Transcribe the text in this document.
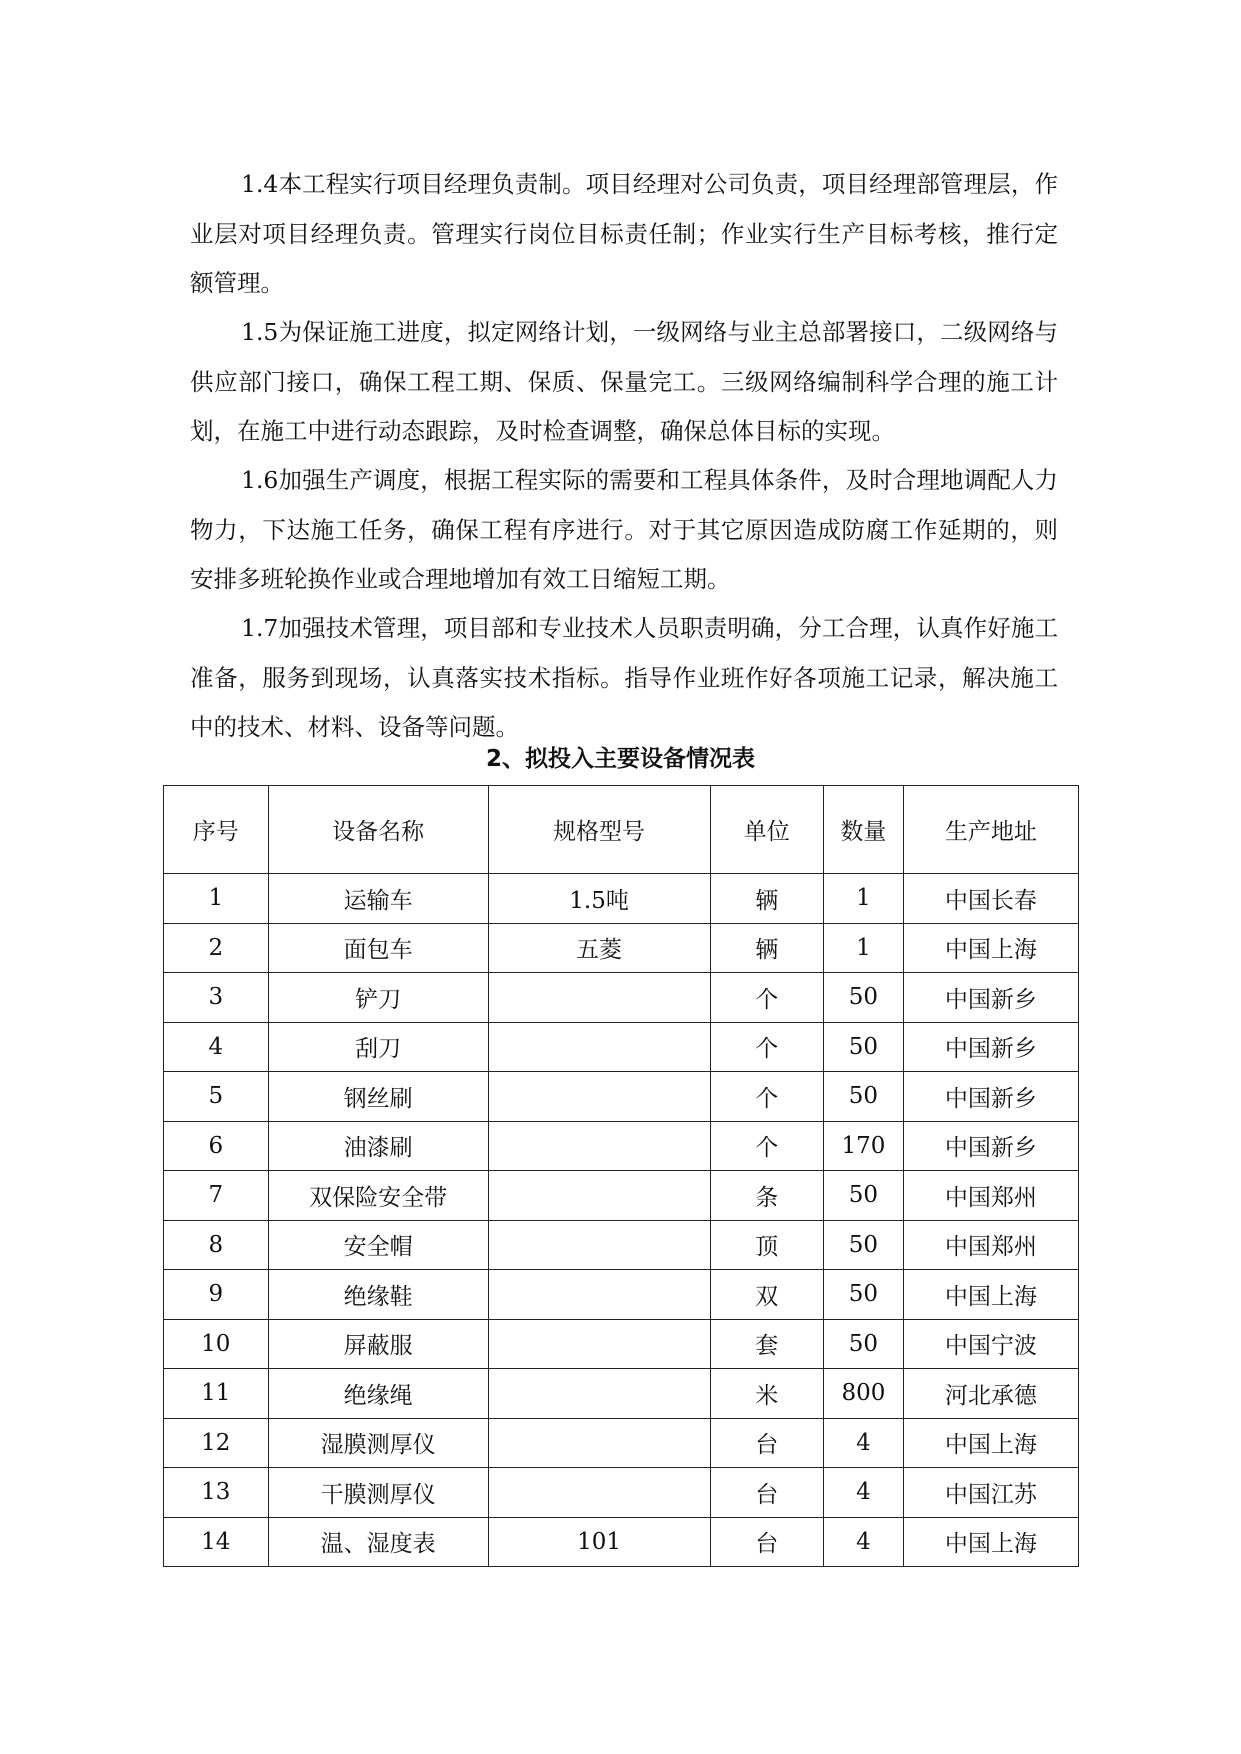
1.4本工程实行项目经理负责制。项目经理对公司负责，项目经理部管理层，作业层对项目经理负责。管理实行岗位目标责任制；作业实行生产目标考核，推行定额管理。

1.5为保证施工进度，拟定网络计划，一级网络与业主总部署接口，二级网络与供应部门接口，确保工程工期、保质、保量完工。三级网络编制科学合理的施工计划，在施工中进行动态跟踪，及时检查调整，确保总体目标的实现。

1.6加强生产调度，根据工程实际的需要和工程具体条件，及时合理地调配人力物力，下达施工任务，确保工程有序进行。对于其它原因造成防腐工作延期的，则安排多班轮换作业或合理地增加有效工日缩短工期。

1.7加强技术管理，项目部和专业技术人员职责明确，分工合理，认真作好施工准备，服务到现场，认真落实技术指标。指导作业班作好各项施工记录，解决施工中的技术、材料、设备等问题。

2、拟投入主要设备情况表
序号	设备名称	规格型号	单位	数量	生产地址
1	运输车	1.5吨	辆	1	中国长春
2	面包车	五菱	辆	1	中国上海
3	铲刀		个	50	中国新乡
4	刮刀		个	50	中国新乡
5	钢丝刷		个	50	中国新乡
6	油漆刷		个	170	中国新乡
7	双保险安全带		条	50	中国郑州
8	安全帽		顶	50	中国郑州
9	绝缘鞋		双	50	中国上海
10	屏蔽服		套	50	中国宁波
11	绝缘绳		米	800	河北承德
12	湿膜测厚仪		台	4	中国上海
13	干膜测厚仪		台	4	中国江苏
14	温、湿度表	101	台	4	中国上海
